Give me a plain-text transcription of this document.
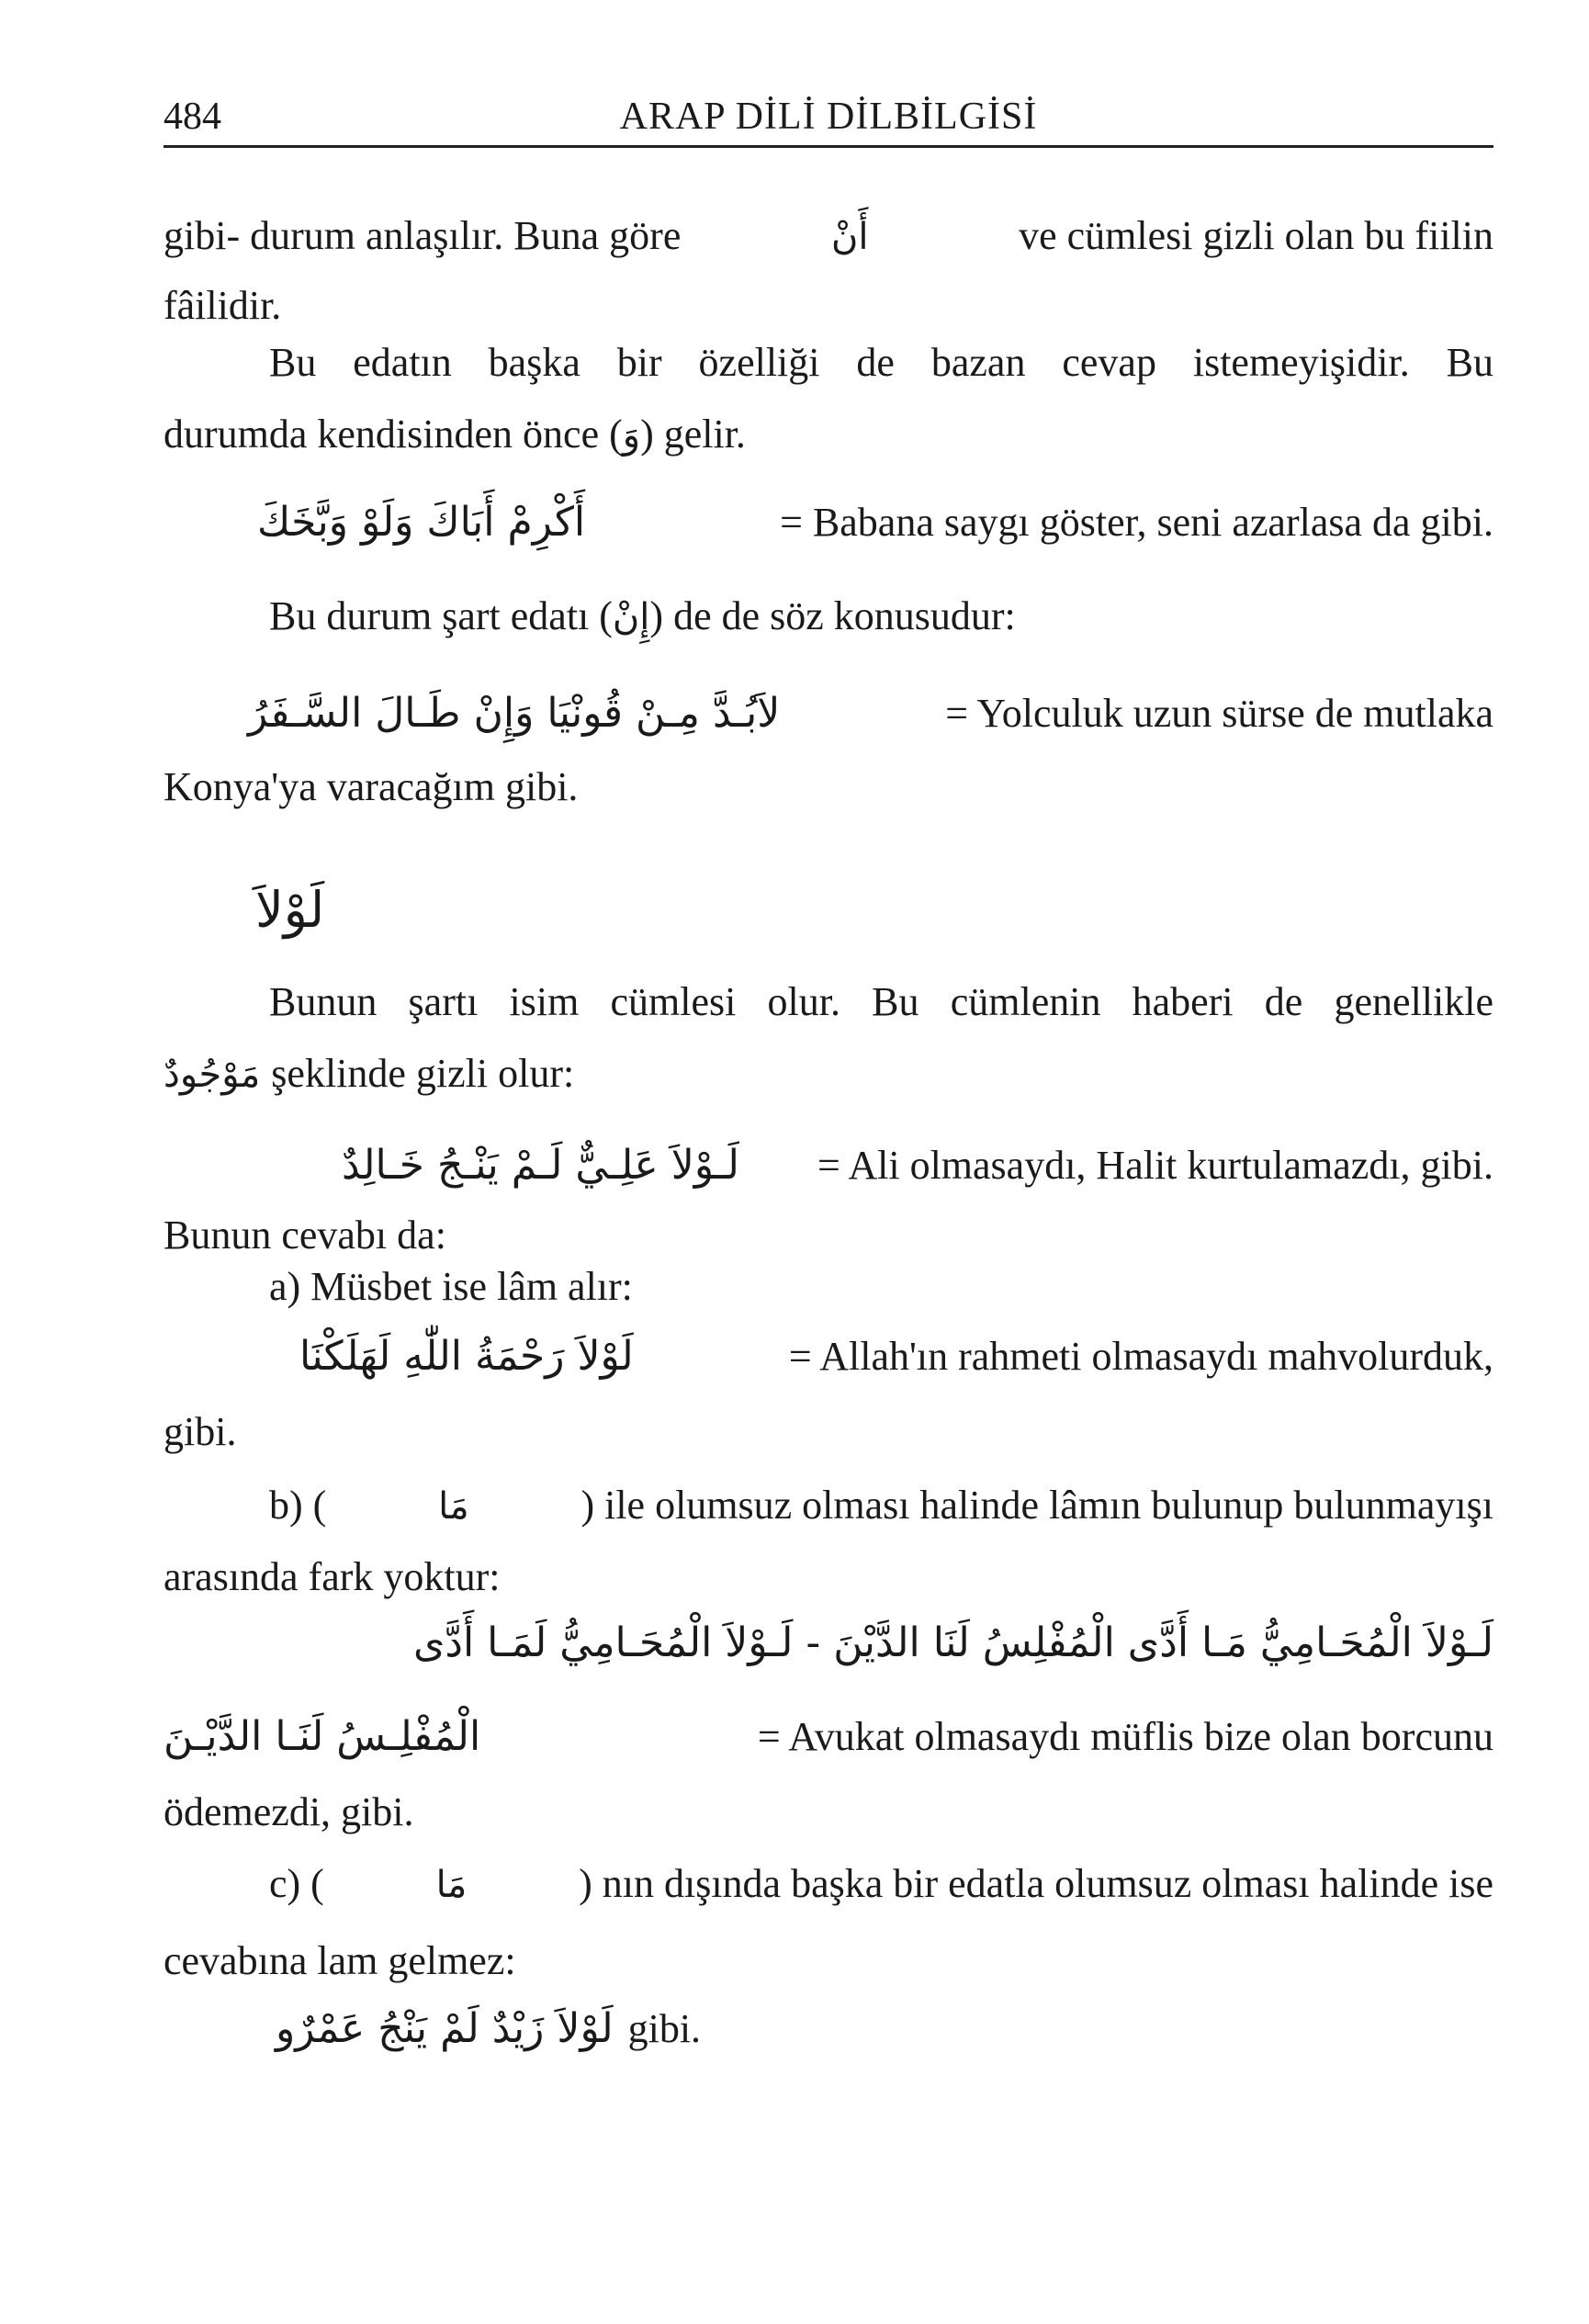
484	ARAP DİLİ DİLBİLGİSİ
gibi- durum anlaşılır. Buna göre	أَنْ	ve cümlesi gizli olan bu fiilin
fâilidir.
Bu edatın başka bir özelliği de bazan cevap istemeyişidir. Bu
durumda kendisinden önce ( وَ ) gelir.
أَكْرِمْ أَبَاكَ وَلَوْ وَبَّخَكَ	= Babana saygı göster, seni azarlasa da gibi.
Bu durum şart edatı ( إِنْ ) de de söz konusudur:
لاَبُـدَّ مِـنْ قُونْيَا وَإِنْ طَـالَ السَّـفَرُ	= Yolculuk uzun sürse de mutlaka
Konya'ya varacağım gibi.
لَوْلاَ
Bunun şartı isim cümlesi olur. Bu cümlenin haberi de genellikle
مَوْجُودٌ şeklinde gizli olur:
لَـوْلاَ عَلِـيٌّ لَـمْ يَنْـجُ خَـالِدٌ = Ali olmasaydı, Halit kurtulamazdı, gibi.
Bunun cevabı da:
a) Müsbet ise lâm alır:
لَوْلاَ رَحْمَةُ اللّٰهِ لَهَلَكْنَا	= Allah'ın rahmeti olmasaydı mahvolurduk,
gibi.
b) (	مَا	) ile olumsuz olması halinde lâmın bulunup bulunmayışı
arasında fark yoktur:
لَـوْلاَ الْمُحَـامِيُّ مَـا أَدَّى الْمُفْلِسُ لَنَا الدَّيْنَ - لَـوْلاَ الْمُحَـامِيُّ لَمَـا أَدَّى
الْمُفْلِـسُ لَنَـا الدَّيْـنَ	= Avukat olmasaydı müflis bize olan borcunu
ödemezdi, gibi.
c) (	مَا	) nın dışında başka bir edatla olumsuz olması halinde ise
cevabına lam gelmez:
لَوْلاَ زَيْدٌ لَمْ يَنْجُ عَمْرٌو gibi.
